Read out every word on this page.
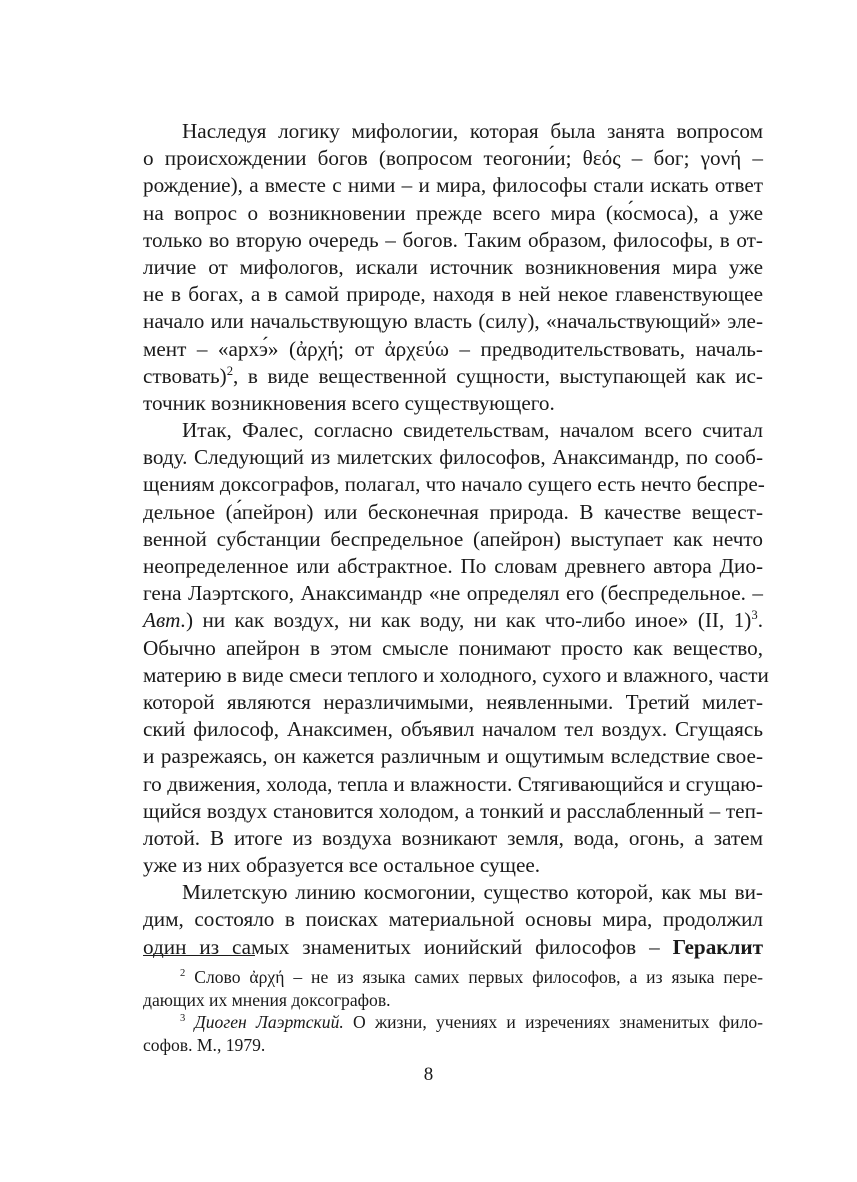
Наследуя логику мифологии, которая была занята вопросом
о происхождении богов (вопросом теогони́и; θεός – бог; γονή –
рождение), а вместе с ними – и мира, философы стали искать ответ
на вопрос о возникновении прежде всего мира (ко́смоса), а уже
только во вторую очередь – богов. Таким образом, философы, в от-
личие от мифологов, искали источник возникновения мира уже
не в богах, а в самой природе, находя в ней некое главенствующее
начало или начальствующую власть (силу), «начальствующий» эле-
мент – «архэ́» (ἀρχή; от ἀρχεύω – предводительствовать, началь-
ствовать)$^2$, в виде вещественной сущности, выступающей как ис-
точник возникновения всего существующего.
Итак, Фалес, согласно свидетельствам, началом всего считал
воду. Следующий из милетских философов, Анаксимандр, по сооб-
щениям доксографов, полагал, что начало сущего есть нечто беспре-
дельное (а́пейрон) или бесконечная природа. В качестве вещест-
венной субстанции беспредельное (апейрон) выступает как нечто
неопределенное или абстрактное. По словам древнего автора Дио-
гена Лаэртского, Анаксимандр «не определял его (беспредельное. –
Авт.) ни как воздух, ни как воду, ни как что-либо иное» (II, 1)$^3$.
Обычно апейрон в этом смысле понимают просто как вещество,
материю в виде смеси теплого и холодного, сухого и влажного, части
которой являются неразличимыми, неявленными. Третий милет-
ский философ, Анаксимен, объявил началом тел воздух. Сгущаясь
и разрежаясь, он кажется различным и ощутимым вследствие свое-
го движения, холода, тепла и влажности. Стягивающийся и сгущаю-
щийся воздух становится холодом, а тонкий и расслабленный – теп-
лотой. В итоге из воздуха возникают земля, вода, огонь, а затем
уже из них образуется все остальное сущее.
Милетскую линию космогонии, существо которой, как мы ви-
дим, состояло в поисках материальной основы мира, продолжил
один из самых знаменитых ионийский философов – Гераклит
$^2$ Слово ἀρχή – не из языка самих первых философов, а из языка пере-
дающих их мнения доксографов.
$^3$ Диоген Лаэртский. О жизни, учениях и изречениях знаменитых фило-
софов. М., 1979.
8
